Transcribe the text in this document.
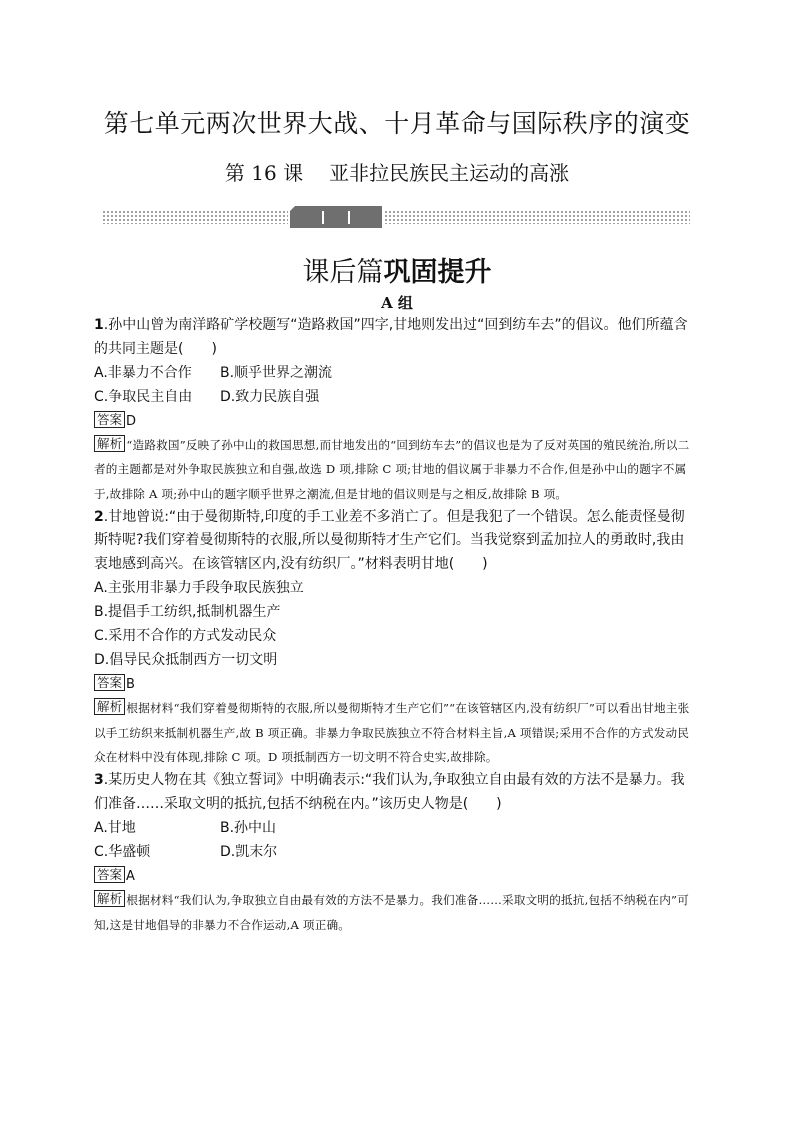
第七单元两次世界大战、十月革命与国际秩序的演变
第 16 课 亚非拉民族民主运动的高涨
课后篇巩固提升
A 组

1.孙中山曾为南洋路矿学校题写“造路救国”四字,甘地则发出过“回到纺车去”的倡议。他们所蕴含的共同主题是(　　)

A.非暴力不合作	B.顺乎世界之潮流
C.争取民主自由	D.致力民族自强
答案 D

解析 “造路救国”反映了孙中山的救国思想,而甘地发出的“回到纺车去”的倡议也是为了反对英国的殖民统治,所以二者的主题都是对外争取民族独立和自强,故选 D 项,排除 C 项;甘地的倡议属于非暴力不合作,但是孙中山的题字不属于,故排除 A 项;孙中山的题字顺乎世界之潮流,但是甘地的倡议则是与之相反,故排除 B 项。

2.甘地曾说:“由于曼彻斯特,印度的手工业差不多消亡了。但是我犯了一个错误。怎么能责怪曼彻斯特呢?我们穿着曼彻斯特的衣服,所以曼彻斯特才生产它们。当我觉察到孟加拉人的勇敢时,我由衷地感到高兴。在该管辖区内,没有纺织厂。”材料表明甘地(　　)

A.主张用非暴力手段争取民族独立
B.提倡手工纺织,抵制机器生产
C.采用不合作的方式发动民众
D.倡导民众抵制西方一切文明
答案 B

解析 根据材料“我们穿着曼彻斯特的衣服,所以曼彻斯特才生产它们”“在该管辖区内,没有纺织厂”可以看出甘地主张以手工纺织来抵制机器生产,故 B 项正确。非暴力争取民族独立不符合材料主旨,A 项错误;采用不合作的方式发动民众在材料中没有体现,排除 C 项。D 项抵制西方一切文明不符合史实,故排除。

3.某历史人物在其《独立誓词》中明确表示:“我们认为,争取独立自由最有效的方法不是暴力。我们准备……采取文明的抵抗,包括不纳税在内。”该历史人物是(　　)

A.甘地	B.孙中山
C.华盛顿	D.凯末尔
答案 A

解析 根据材料“我们认为,争取独立自由最有效的方法不是暴力。我们准备……采取文明的抵抗,包括不纳税在内”可知,这是甘地倡导的非暴力不合作运动,A 项正确。
